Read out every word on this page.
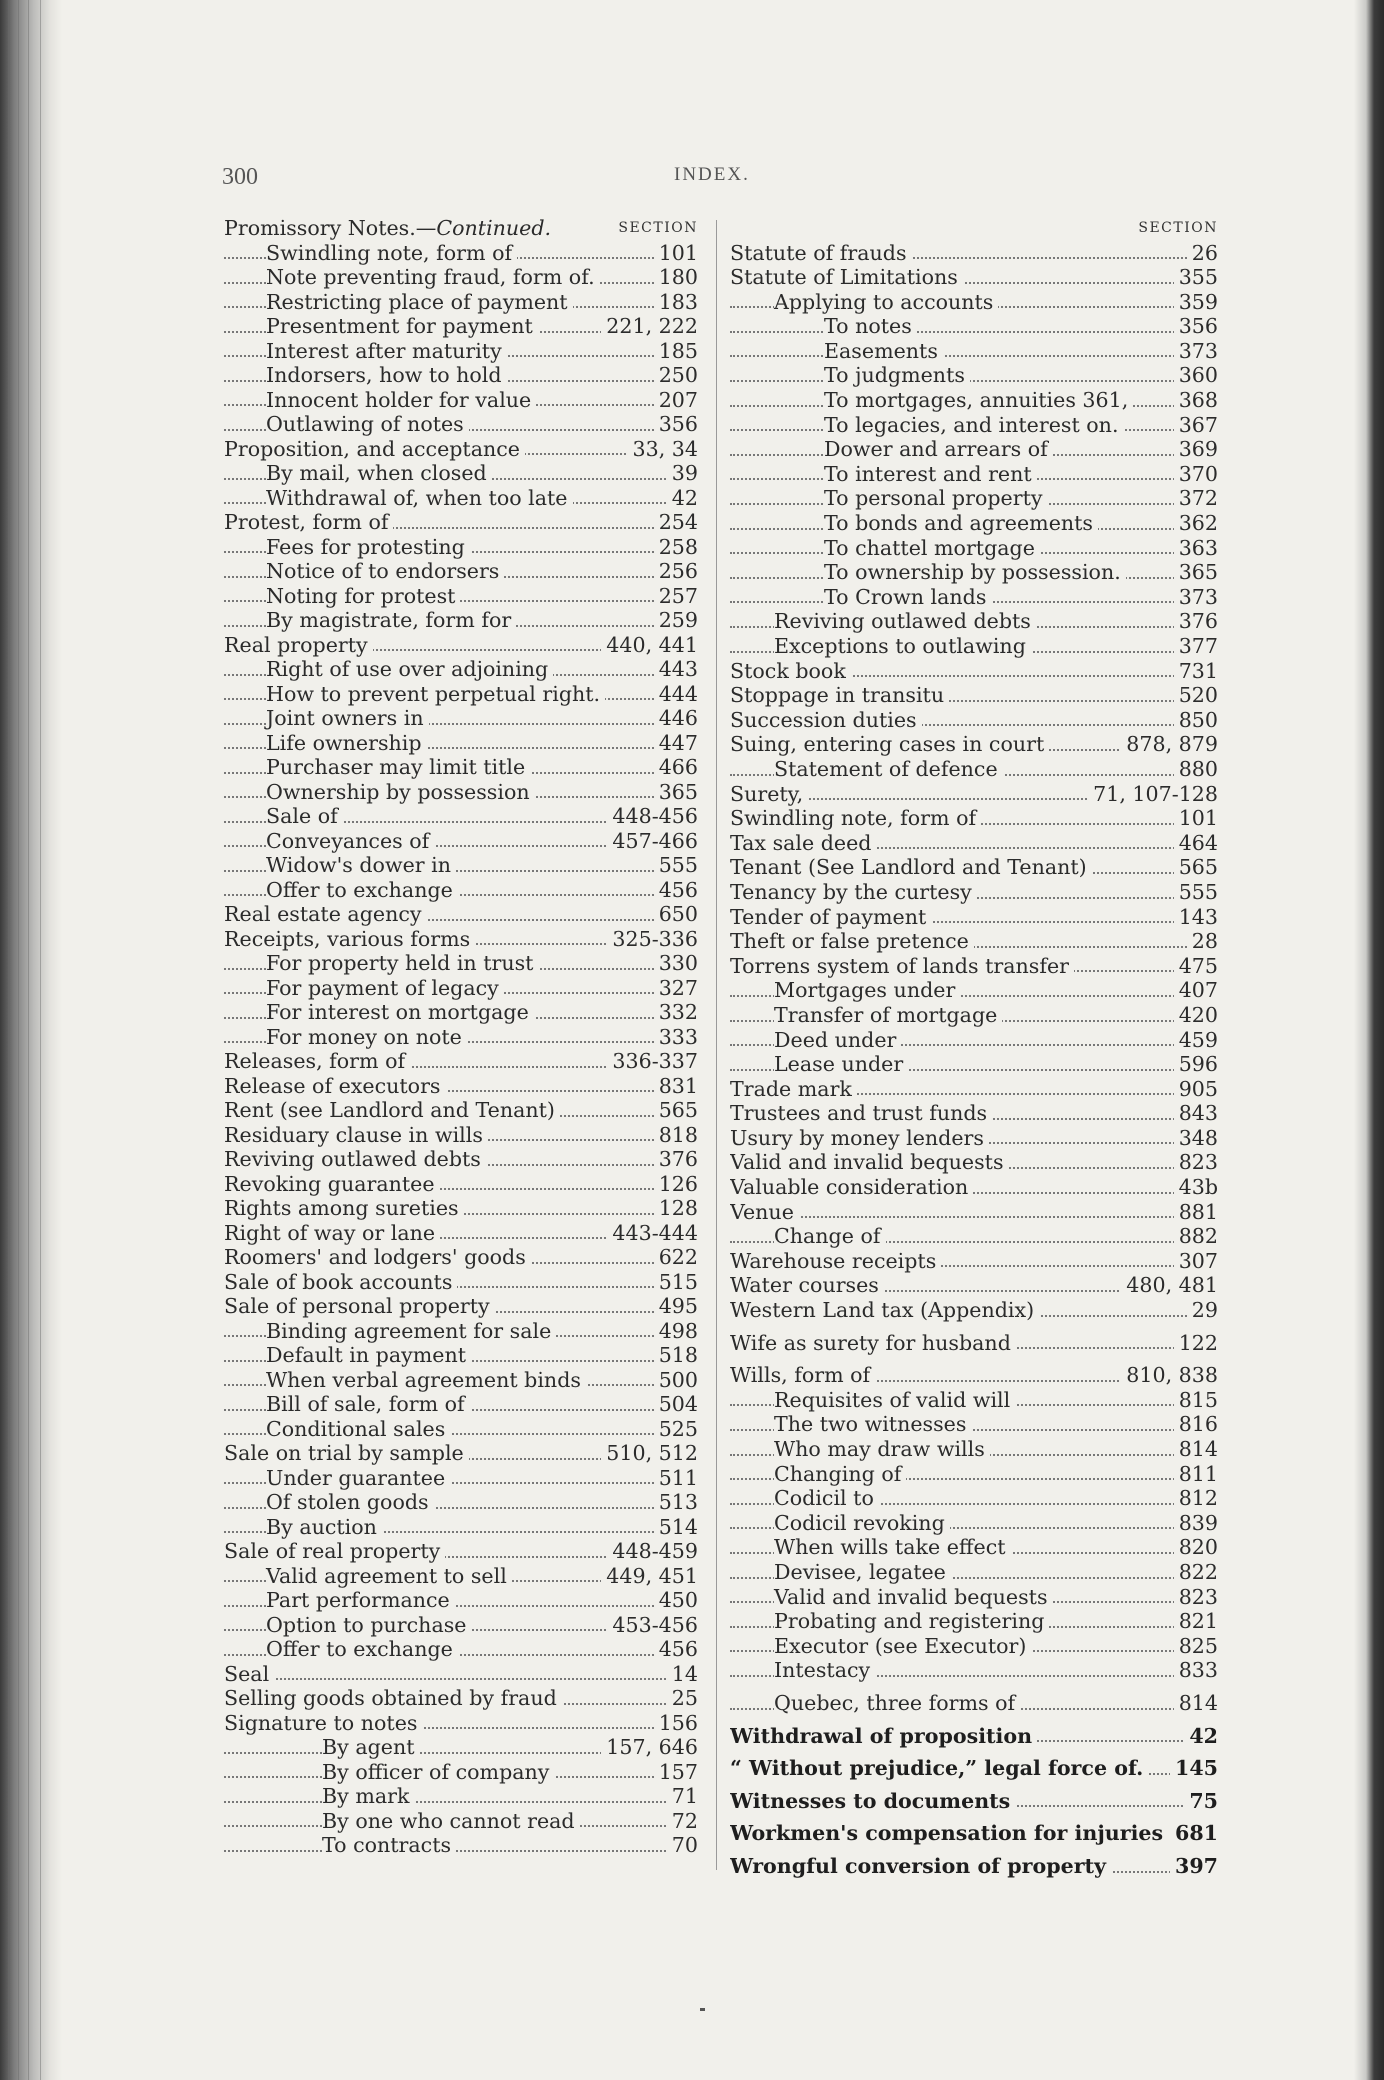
300	INDEX.
Promissory Notes.—Continued.	SECTION
Swindling note, form of	101
Note preventing fraud, form of.	180
Restricting place of payment	183
Presentment for payment	221, 222
Interest after maturity	185
Indorsers, how to hold	250
Innocent holder for value	207
Outlawing of notes	356
Proposition, and acceptance	33, 34
By mail, when closed	39
Withdrawal of, when too late	42
Protest, form of	254
Fees for protesting	258
Notice of to endorsers	256
Noting for protest	257
By magistrate, form for	259
Real property	440, 441
Right of use over adjoining	443
How to prevent perpetual right.	444
Joint owners in	446
Life ownership	447
Purchaser may limit title	466
Ownership by possession	365
Sale of	448-456
Conveyances of	457-466
Widow's dower in	555
Offer to exchange	456
Real estate agency	650
Receipts, various forms	325-336
For property held in trust	330
For payment of legacy	327
For interest on mortgage	332
For money on note	333
Releases, form of	336-337
Release of executors	831
Rent (see Landlord and Tenant)	565
Residuary clause in wills	818
Reviving outlawed debts	376
Revoking guarantee	126
Rights among sureties	128
Right of way or lane	443-444
Roomers' and lodgers' goods	622
Sale of book accounts	515
Sale of personal property	495
Binding agreement for sale	498
Default in payment	518
When verbal agreement binds	500
Bill of sale, form of	504
Conditional sales	525
Sale on trial by sample	510, 512
Under guarantee	511
Of stolen goods	513
By auction	514
Sale of real property	448-459
Valid agreement to sell	449, 451
Part performance	450
Option to purchase	453-456
Offer to exchange	456
Seal	14
Selling goods obtained by fraud	25
Signature to notes	156
By agent	157, 646
By officer of company	157
By mark	71
By one who cannot read	72
To contracts	70
SECTION
Statute of frauds	26
Statute of Limitations	355
Applying to accounts	359
To notes	356
Easements	373
To judgments	360
To mortgages, annuities 361, 368
To legacies, and interest on.	367
Dower and arrears of	369
To interest and rent	370
To personal property	372
To bonds and agreements	362
To chattel mortgage	363
To ownership by possession.	365
To Crown lands	373
Reviving outlawed debts	376
Exceptions to outlawing	377
Stock book	731
Stoppage in transitu	520
Succession duties	850
Suing, entering cases in court	878, 879
Statement of defence	880
Surety,	71, 107-128
Swindling note, form of	101
Tax sale deed	464
Tenant (See Landlord and Tenant)	565
Tenancy by the curtesy	555
Tender of payment	143
Theft or false pretence	28
Torrens system of lands transfer	475
Mortgages under	407
Transfer of mortgage	420
Deed under	459
Lease under	596
Trade mark	905
Trustees and trust funds	843
Usury by money lenders	348
Valid and invalid bequests	823
Valuable consideration	43b
Venue	881
Change of	882
Warehouse receipts	307
Water courses	480, 481
Western Land tax (Appendix)	29
Wife as surety for husband	122
Wills, form of	810, 838
Requisites of valid will	815
The two witnesses	816
Who may draw wills	814
Changing of	811
Codicil to	812
Codicil revoking	839
When wills take effect	820
Devisee, legatee	822
Valid and invalid bequests	823
Probating and registering	821
Executor (see Executor)	825
Intestacy	833
Quebec, three forms of	814
Withdrawal of proposition	42
“ Without prejudice,” legal force of. 145
Witnesses to documents	75
Workmen's compensation for injuries 681
Wrongful conversion of property	397
